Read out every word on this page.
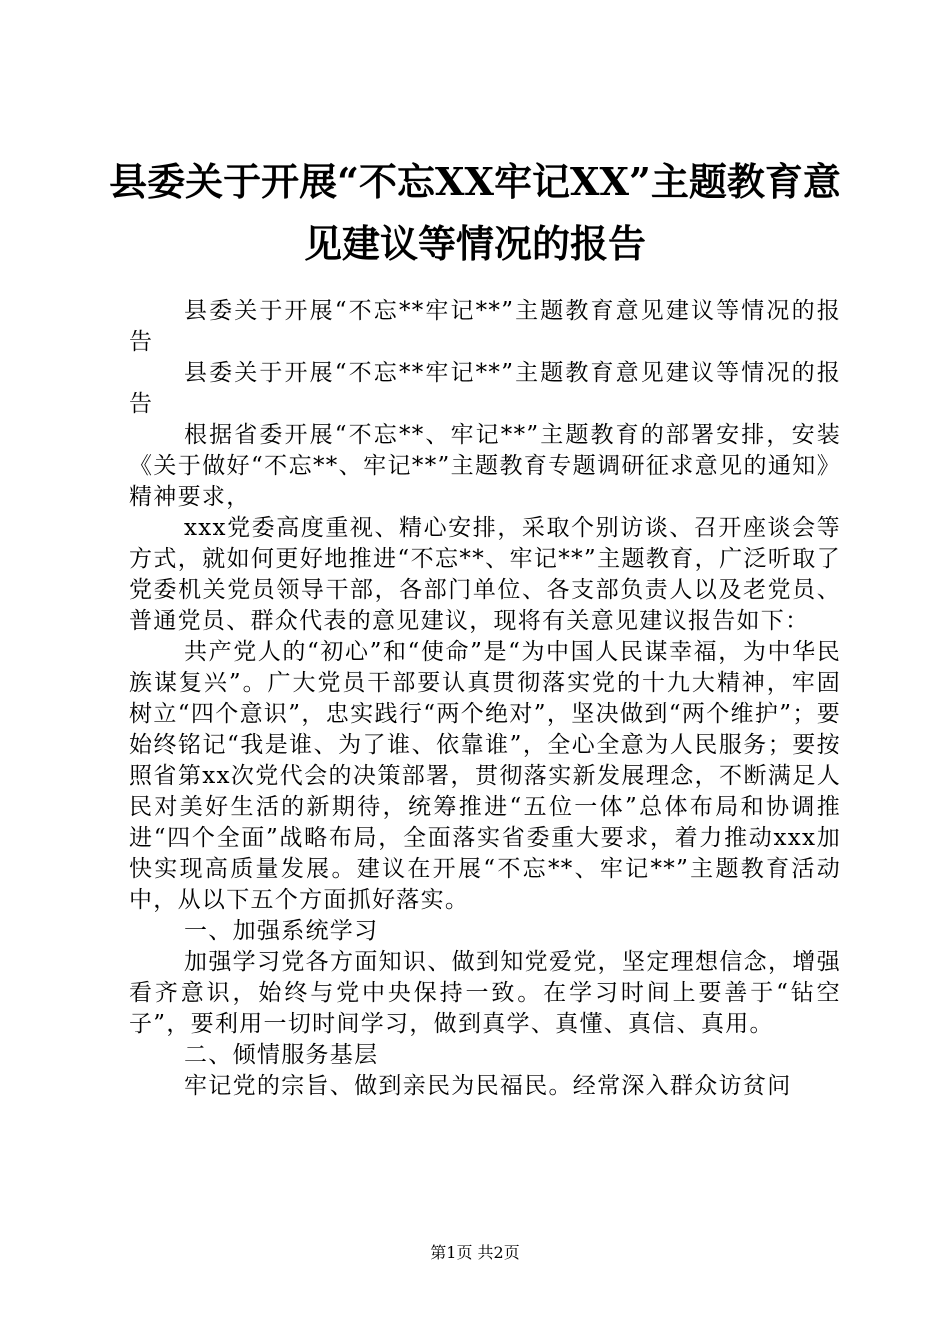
县委关于开展“不忘XX牢记XX”主题教育意
见建议等情况的报告

县委关于开展“不忘**牢记**”主题教育意见建议等情况的报告

县委关于开展“不忘**牢记**”主题教育意见建议等情况的报告

根据省委开展“不忘**、牢记**”主题教育的部署安排，安装《关于做好“不忘**、牢记**”主题教育专题调研征求意见的通知》精神要求，

xxx党委高度重视、精心安排，采取个别访谈、召开座谈会等方式，就如何更好地推进“不忘**、牢记**”主题教育，广泛听取了党委机关党员领导干部，各部门单位、各支部负责人以及老党员、普通党员、群众代表的意见建议，现将有关意见建议报告如下：

共产党人的“初心”和“使命”是“为中国人民谋幸福，为中华民族谋复兴”。广大党员干部要认真贯彻落实党的十九大精神，牢固树立“四个意识”，忠实践行“两个绝对”，坚决做到“两个维护”；要始终铭记“我是谁、为了谁、依靠谁”，全心全意为人民服务；要按照省第xx次党代会的决策部署，贯彻落实新发展理念，不断满足人民对美好生活的新期待，统筹推进“五位一体”总体布局和协调推进“四个全面”战略布局，全面落实省委重大要求，着力推动xxx加快实现高质量发展。建议在开展“不忘**、牢记**”主题教育活动中，从以下五个方面抓好落实。

一、加强系统学习

加强学习党各方面知识、做到知党爱党，坚定理想信念，增强看齐意识，始终与党中央保持一致。在学习时间上要善于“钻空子”，要利用一切时间学习，做到真学、真懂、真信、真用。

二、倾情服务基层

牢记党的宗旨、做到亲民为民福民。经常深入群众访贫问

第1页 共2页
